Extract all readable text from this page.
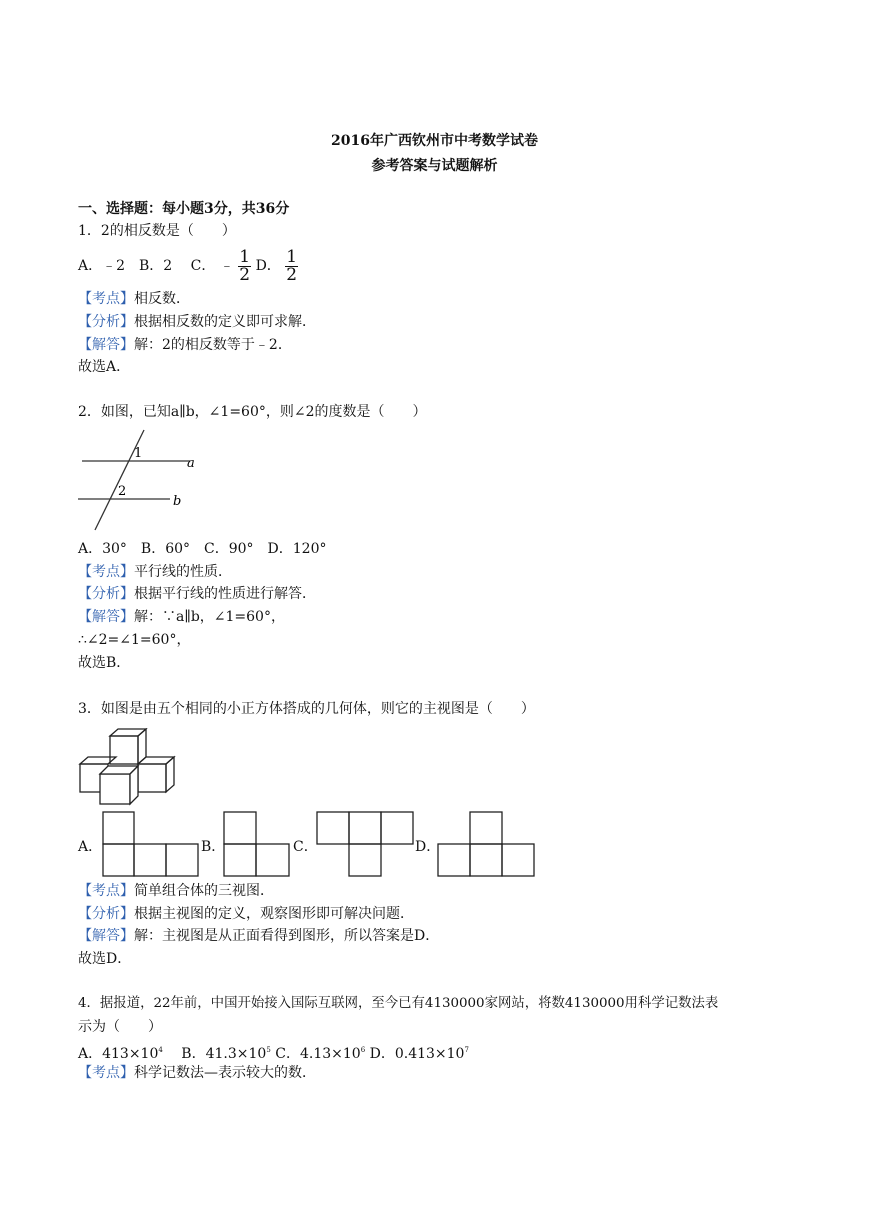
2016年广西钦州市中考数学试卷
参考答案与试题解析
一、选择题：每小题3分，共36分
1．2的相反数是（　　）
A．﹣2　B．2　 C． ﹣ $\frac{1}{2}$ D． $\frac{1}{2}$
【考点】相反数．
【分析】根据相反数的定义即可求解．
【解答】解：2的相反数等于﹣2．
故选A．
2．如图，已知a∥b，∠1=60°，则∠2的度数是（　　）
1
2
a
b
A．30°　B．60°　C．90°　D．120°
【考点】平行线的性质．
【分析】根据平行线的性质进行解答．
【解答】解：∵a∥b，∠1=60°，
∴∠2=∠1=60°，
故选B．
3．如图是由五个相同的小正方体搭成的几何体，则它的主视图是（　　）
A．	B．	C．	D．
【考点】简单组合体的三视图．
【分析】根据主视图的定义，观察图形即可解决问题．
【解答】解：主视图是从正面看得到图形，所以答案是D．
故选D．
4．据报道，22年前，中国开始接入国际互联网，至今已有4130000家网站，将数4130000用科学记数法表
示为（　　）
A．$413\times 10^4$ 　B．$41.3\times 10^5$ C．$4.13\times 10^6$ D．$0.413\times 10^7$
【考点】科学记数法—表示较大的数．
